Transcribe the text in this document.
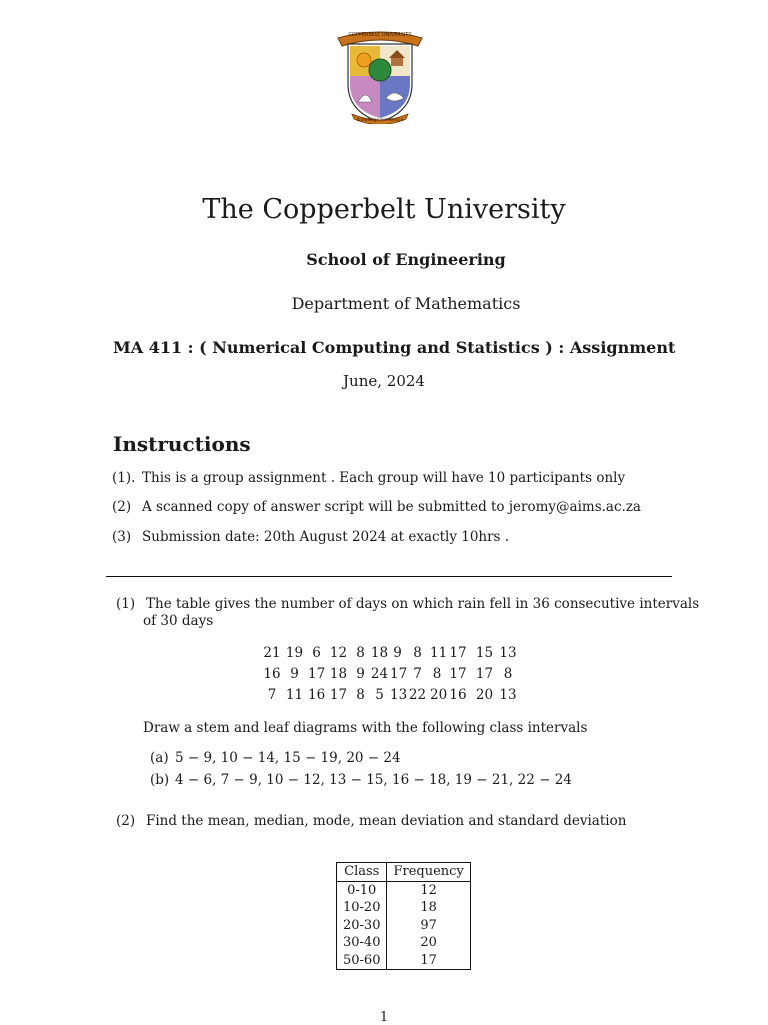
COPPERBELT UNIVERSITY
Knowledge and service
The Copperbelt University
School of Engineering
Department of Mathematics
MA 411 : ( Numerical Computing and Statistics ) : Assignment
June, 2024
Instructions
(1). This is a group assignment . Each group will have 10 participants only
(2) A scanned copy of answer script will be submitted to jeromy@aims.ac.za
(3) Submission date: 20th August 2024 at exactly 10hrs .
(1) The table gives the number of days on which rain fell in 36 consecutive intervals
of 30 days
21 19 6 12 8 18 9 8 11 17 15 13
16 9 17 18 9 24 17 7 8 17 17 8
7 11 16 17 8 5 13 22 20 16 20 13
Draw a stem and leaf diagrams with the following class intervals
(a) 5 − 9, 10 − 14, 15 − 19, 20 − 24
(b) 4 − 6, 7 − 9, 10 − 12, 13 − 15, 16 − 18, 19 − 21, 22 − 24
(2) Find the mean, median, mode, mean deviation and standard deviation
Class	Frequency
0-10	12
10-20	18
20-30	97
30-40	20
50-60	17
1
